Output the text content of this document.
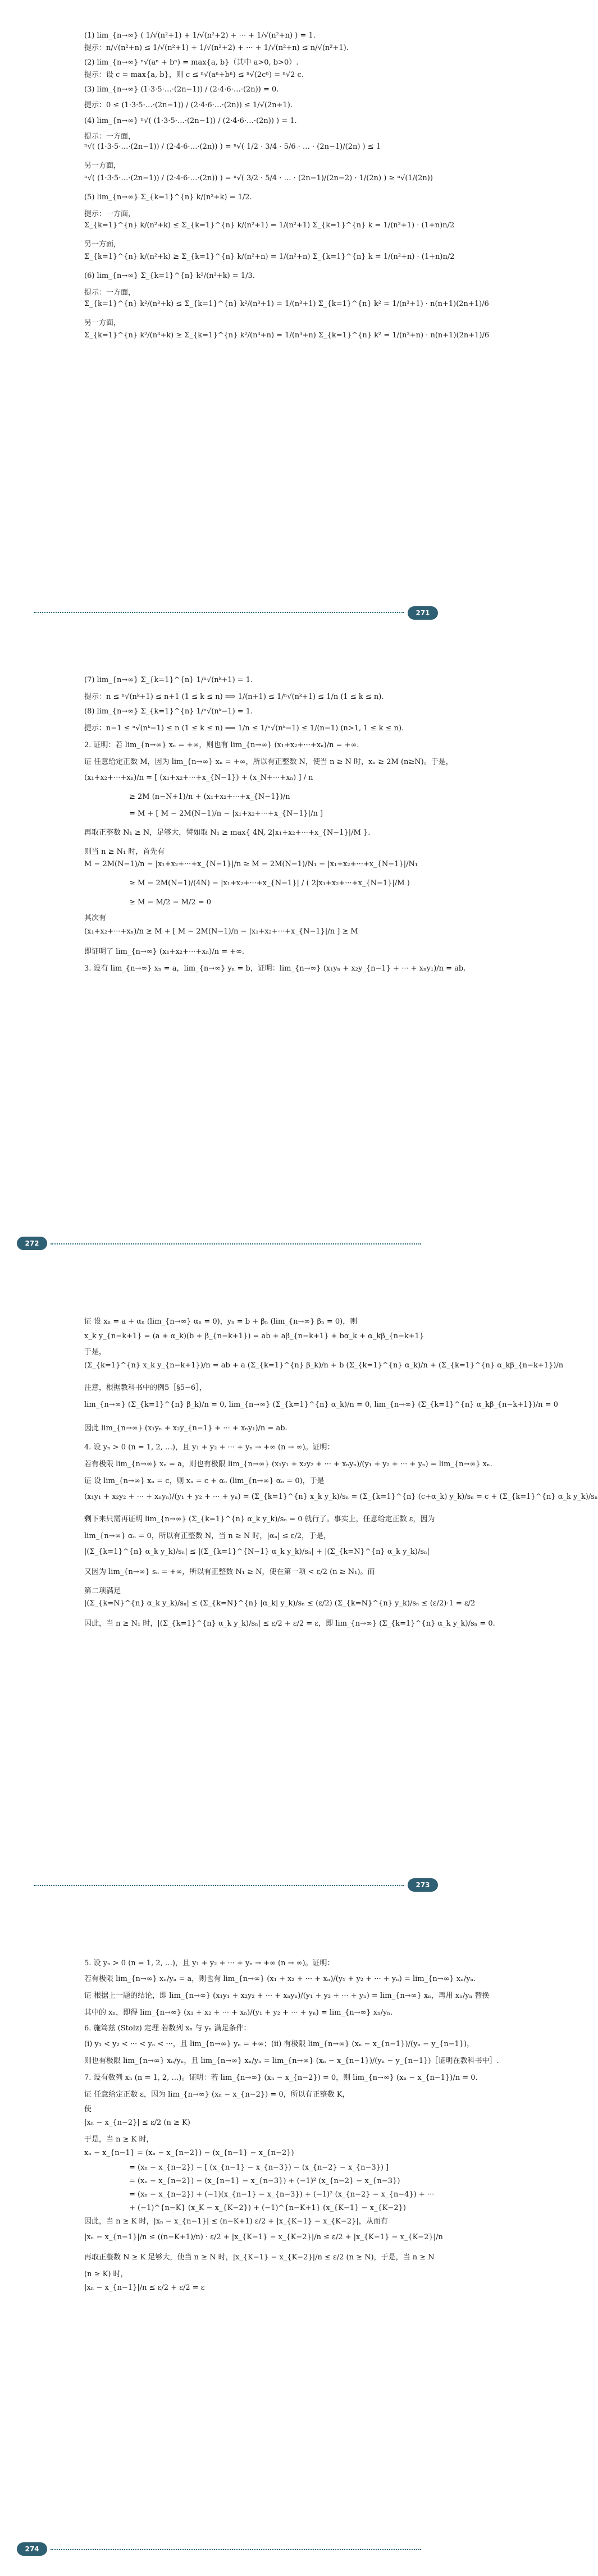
(1) lim_{n→∞} ( 1/√(n²+1) + 1/√(n²+2) + ··· + 1/√(n²+n) ) = 1.
提示：n/√(n²+n) ≤ 1/√(n²+1) + 1/√(n²+2) + ··· + 1/√(n²+n) ≤ n/√(n²+1).
(2) lim_{n→∞} ⁿ√(aⁿ + bⁿ) = max{a, b}（其中 a>0, b>0）.
提示：设 c = max{a, b}，则 c ≤ ⁿ√(aⁿ+bⁿ) ≤ ⁿ√(2cⁿ) = ⁿ√2 c.
(3) lim_{n→∞} (1·3·5·…·(2n−1)) / (2·4·6·…·(2n)) = 0.
提示：0 ≤ (1·3·5·…·(2n−1)) / (2·4·6·…·(2n)) ≤ 1/√(2n+1).
(4) lim_{n→∞} ⁿ√( (1·3·5·…·(2n−1)) / (2·4·6·…·(2n)) ) = 1.
提示：一方面，
ⁿ√( (1·3·5·…·(2n−1)) / (2·4·6·…·(2n)) ) = ⁿ√( 1/2 · 3/4 · 5/6 · … · (2n−1)/(2n) ) ≤ 1
另一方面，
ⁿ√( (1·3·5·…·(2n−1)) / (2·4·6·…·(2n)) ) = ⁿ√( 3/2 · 5/4 · … · (2n−1)/(2n−2) · 1/(2n) ) ≥ ⁿ√(1/(2n))
(5) lim_{n→∞} Σ_{k=1}^{n} k/(n²+k) = 1/2.
提示：一方面，
Σ_{k=1}^{n} k/(n²+k) ≤ Σ_{k=1}^{n} k/(n²+1) = 1/(n²+1) Σ_{k=1}^{n} k = 1/(n²+1) · (1+n)n/2
另一方面，
Σ_{k=1}^{n} k/(n²+k) ≥ Σ_{k=1}^{n} k/(n²+n) = 1/(n²+n) Σ_{k=1}^{n} k = 1/(n²+n) · (1+n)n/2
(6) lim_{n→∞} Σ_{k=1}^{n} k²/(n³+k) = 1/3.
提示：一方面，
Σ_{k=1}^{n} k²/(n³+k) ≤ Σ_{k=1}^{n} k²/(n³+1) = 1/(n³+1) Σ_{k=1}^{n} k² = 1/(n³+1) · n(n+1)(2n+1)/6
另一方面，
Σ_{k=1}^{n} k²/(n³+k) ≥ Σ_{k=1}^{n} k²/(n³+n) = 1/(n³+n) Σ_{k=1}^{n} k² = 1/(n³+n) · n(n+1)(2n+1)/6
271
(7) lim_{n→∞} Σ_{k=1}^{n} 1/ⁿ√(nᵏ+1) = 1.
提示：n ≤ ⁿ√(nᵏ+1) ≤ n+1 (1 ≤ k ≤ n) ⟹ 1/(n+1) ≤ 1/ⁿ√(nᵏ+1) ≤ 1/n (1 ≤ k ≤ n).
(8) lim_{n→∞} Σ_{k=1}^{n} 1/ⁿ√(nᵏ−1) = 1.
提示：n−1 ≤ ⁿ√(nᵏ−1) ≤ n (1 ≤ k ≤ n) ⟹ 1/n ≤ 1/ⁿ√(nᵏ−1) ≤ 1/(n−1) (n>1, 1 ≤ k ≤ n).
2. 证明：若 lim_{n→∞} xₙ = +∞，则也有 lim_{n→∞} (x₁+x₂+···+xₙ)/n = +∞.
证 任意给定正数 M，因为 lim_{n→∞} xₙ = +∞，所以有正整数 N，使当 n ≥ N 时，xₙ ≥ 2M (n≥N)。于是，
(x₁+x₂+···+xₙ)/n = [ (x₁+x₂+···+x_{N−1}) + (x_N+···+xₙ) ] / n
≥ 2M (n−N+1)/n + (x₁+x₂+···+x_{N−1})/n
= M + [ M − 2M(N−1)/n − |x₁+x₂+···+x_{N−1}|/n ]
再取正整数 N₁ ≥ N，足够大，譬如取 N₁ ≥ max{ 4N, 2|x₁+x₂+···+x_{N−1}|/M }.
则当 n ≥ N₁ 时，首先有
M − 2M(N−1)/n − |x₁+x₂+···+x_{N−1}|/n ≥ M − 2M(N−1)/N₁ − |x₁+x₂+···+x_{N−1}|/N₁
≥ M − 2M(N−1)/(4N) − |x₁+x₂+···+x_{N−1}| / ( 2|x₁+x₂+···+x_{N−1}|/M )
≥ M − M/2 − M/2 = 0
其次有
(x₁+x₂+···+xₙ)/n ≥ M + [ M − 2M(N−1)/n − |x₁+x₂+···+x_{N−1}|/n ] ≥ M
即证明了 lim_{n→∞} (x₁+x₂+···+xₙ)/n = +∞.
3. 设有 lim_{n→∞} xₙ = a，lim_{n→∞} yₙ = b，证明：lim_{n→∞} (x₁yₙ + x₂y_{n−1} + ··· + xₙy₁)/n = ab.
272
证 设 xₙ = a + αₙ (lim_{n→∞} αₙ = 0)，yₙ = b + βₙ (lim_{n→∞} βₙ = 0)，则
x_k y_{n−k+1} = (a + α_k)(b + β_{n−k+1}) = ab + aβ_{n−k+1} + bα_k + α_kβ_{n−k+1}
于是，
(Σ_{k=1}^{n} x_k y_{n−k+1})/n = ab + a (Σ_{k=1}^{n} β_k)/n + b (Σ_{k=1}^{n} α_k)/n + (Σ_{k=1}^{n} α_kβ_{n−k+1})/n
注意，根据教科书中的例5［§5−6］，
lim_{n→∞} (Σ_{k=1}^{n} β_k)/n = 0, lim_{n→∞} (Σ_{k=1}^{n} α_k)/n = 0, lim_{n→∞} (Σ_{k=1}^{n} α_kβ_{n−k+1})/n = 0
因此 lim_{n→∞} (x₁yₙ + x₂y_{n−1} + ··· + xₙy₁)/n = ab.
4. 设 yₙ > 0 (n = 1, 2, …)，且 y₁ + y₂ + ··· + yₙ → +∞ (n → ∞)。证明：
若有极限 lim_{n→∞} xₙ = a，则也有极限 lim_{n→∞} (x₁y₁ + x₂y₂ + ··· + xₙyₙ)/(y₁ + y₂ + ··· + yₙ) = lim_{n→∞} xₙ.
证 设 lim_{n→∞} xₙ = c，则 xₙ = c + αₙ (lim_{n→∞} αₙ = 0)，于是
(x₁y₁ + x₂y₂ + ··· + xₙyₙ)/(y₁ + y₂ + ··· + yₙ) = (Σ_{k=1}^{n} x_k y_k)/sₙ = (Σ_{k=1}^{n} (c+α_k) y_k)/sₙ = c + (Σ_{k=1}^{n} α_k y_k)/sₙ
剩下来只需再证明 lim_{n→∞} (Σ_{k=1}^{n} α_k y_k)/sₙ = 0 就行了。事实上，任意给定正数 ε，因为
lim_{n→∞} αₙ = 0，所以有正整数 N，当 n ≥ N 时，|αₙ| ≤ ε/2，于是，
|(Σ_{k=1}^{n} α_k y_k)/sₙ| ≤ |(Σ_{k=1}^{N−1} α_k y_k)/sₙ| + |(Σ_{k=N}^{n} α_k y_k)/sₙ|
又因为 lim_{n→∞} sₙ = +∞，所以有正整数 N₁ ≥ N，使在第一项 < ε/2 (n ≥ N₁)。而
第二项满足
|(Σ_{k=N}^{n} α_k y_k)/sₙ| ≤ (Σ_{k=N}^{n} |α_k| y_k)/sₙ ≤ (ε/2) (Σ_{k=N}^{n} y_k)/sₙ ≤ (ε/2)·1 = ε/2
因此，当 n ≥ N₁ 时，|(Σ_{k=1}^{n} α_k y_k)/sₙ| ≤ ε/2 + ε/2 = ε，即 lim_{n→∞} (Σ_{k=1}^{n} α_k y_k)/sₙ = 0.
273
5. 设 yₙ > 0 (n = 1, 2, …)，且 y₁ + y₂ + ··· + yₙ → +∞ (n → ∞)。证明：
若有极限 lim_{n→∞} xₙ/yₙ = a，则也有 lim_{n→∞} (x₁ + x₂ + ··· + xₙ)/(y₁ + y₂ + ··· + yₙ) = lim_{n→∞} xₙ/yₙ.
证 根据上一题的结论，即 lim_{n→∞} (x₁y₁ + x₂y₂ + ··· + xₙyₙ)/(y₁ + y₂ + ··· + yₙ) = lim_{n→∞} xₙ，再用 xₙ/yₙ 替换
其中的 xₙ，即得 lim_{n→∞} (x₁ + x₂ + ··· + xₙ)/(y₁ + y₂ + ··· + yₙ) = lim_{n→∞} xₙ/yₙ.
6. 施笃兹 (Stolz) 定理 若数列 xₙ 与 yₙ 满足条件：
(i) y₁ < y₂ < ··· < yₙ < ···，且 lim_{n→∞} yₙ = +∞；(ii) 有极限 lim_{n→∞} (xₙ − x_{n−1})/(yₙ − y_{n−1})，
则也有极限 lim_{n→∞} xₙ/yₙ，且 lim_{n→∞} xₙ/yₙ = lim_{n→∞} (xₙ − x_{n−1})/(yₙ − y_{n−1})［证明在教科书中］.
7. 设有数列 xₙ (n = 1, 2, …)。证明：若 lim_{n→∞} (xₙ − x_{n−2}) = 0，则 lim_{n→∞} (xₙ − x_{n−1})/n = 0.
证 任意给定正数 ε，因为 lim_{n→∞} (xₙ − x_{n−2}) = 0，所以有正整数 K，
使
|xₙ − x_{n−2}| ≤ ε/2 (n ≥ K)
于是，当 n ≥ K 时，
xₙ − x_{n−1} = (xₙ − x_{n−2}) − (x_{n−1} − x_{n−2})
= (xₙ − x_{n−2}) − [ (x_{n−1} − x_{n−3}) − (x_{n−2} − x_{n−3}) ]
= (xₙ − x_{n−2}) − (x_{n−1} − x_{n−3}) + (−1)² (x_{n−2} − x_{n−3})
= (xₙ − x_{n−2}) + (−1)(x_{n−1} − x_{n−3}) + (−1)² (x_{n−2} − x_{n−4}) + ···
+ (−1)^{n−K} (x_K − x_{K−2}) + (−1)^{n−K+1} (x_{K−1} − x_{K−2})
因此，当 n ≥ K 时，|xₙ − x_{n−1}| ≤ (n−K+1) ε/2 + |x_{K−1} − x_{K−2}|，从而有
|xₙ − x_{n−1}|/n ≤ ((n−K+1)/n) · ε/2 + |x_{K−1} − x_{K−2}|/n ≤ ε/2 + |x_{K−1} − x_{K−2}|/n
再取正整数 N ≥ K 足够大，使当 n ≥ N 时，|x_{K−1} − x_{K−2}|/n ≤ ε/2 (n ≥ N)，于是，当 n ≥ N
(n ≥ K) 时，
|xₙ − x_{n−1}|/n ≤ ε/2 + ε/2 = ε
274
